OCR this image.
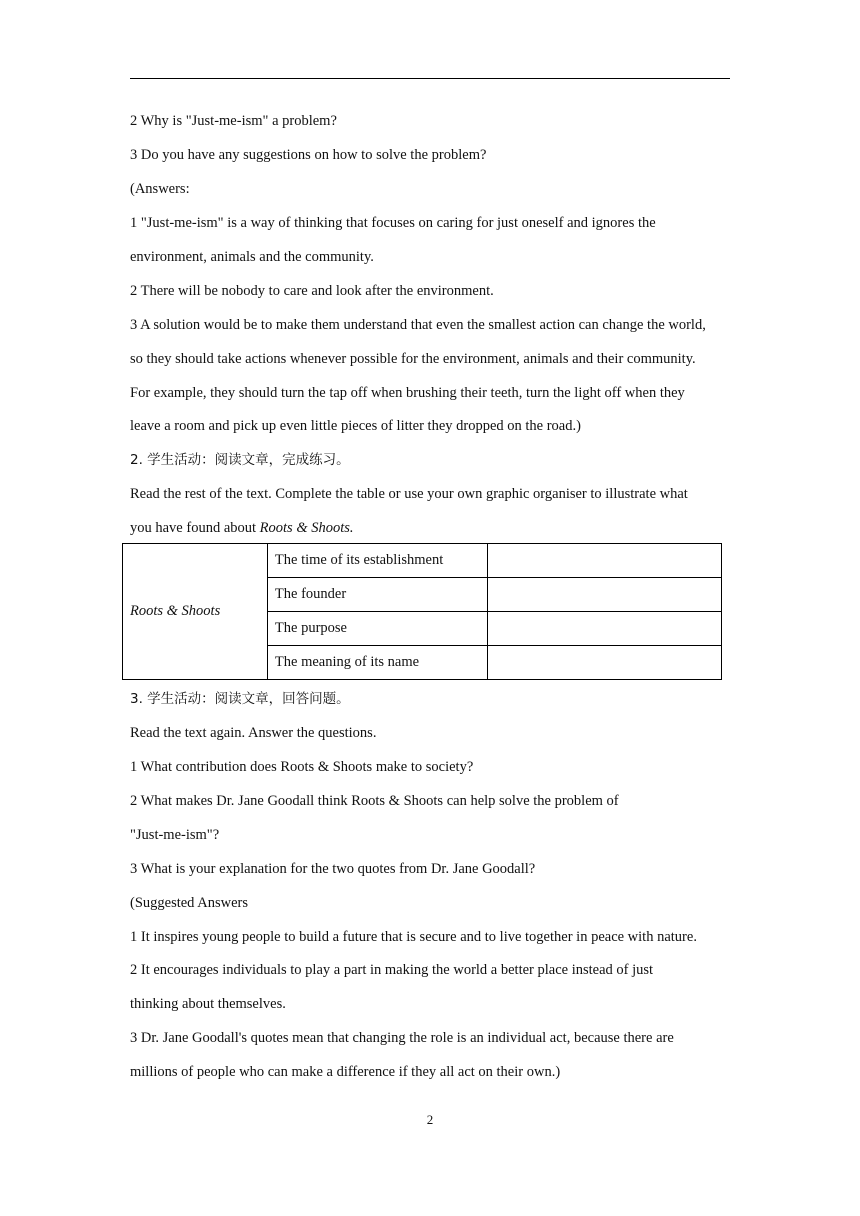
2 Why is "Just-me-ism" a problem?
3 Do you have any suggestions on how to solve the problem?
(Answers:
1 "Just-me-ism" is a way of thinking that focuses on caring for just oneself and ignores the
environment, animals and the community.
2 There will be nobody to care and look after the environment.
3 A solution would be to make them understand that even the smallest action can change the world,
so they should take actions whenever possible for the environment, animals and their community.
For example, they should turn the tap off when brushing their teeth, turn the light off when they
leave a room and pick up even little pieces of litter they dropped on the road.)
2. 学生活动：阅读文章，完成练习。
Read the rest of the text. Complete the table or use your own graphic organiser to illustrate what
you have found about Roots & Shoots.
Roots & Shoots	The time of its establishment	
	The founder	
	The purpose	
	The meaning of its name	
3. 学生活动：阅读文章，回答问题。
Read the text again. Answer the questions.
1 What contribution does Roots & Shoots make to society?
2 What makes Dr. Jane Goodall think Roots & Shoots can help solve the problem of
"Just-me-ism"?
3 What is your explanation for the two quotes from Dr. Jane Goodall?
(Suggested Answers
1 It inspires young people to build a future that is secure and to live together in peace with nature.
2 It encourages individuals to play a part in making the world a better place instead of just
thinking about themselves.
3 Dr. Jane Goodall's quotes mean that changing the role is an individual act, because there are
millions of people who can make a difference if they all act on their own.)
2
